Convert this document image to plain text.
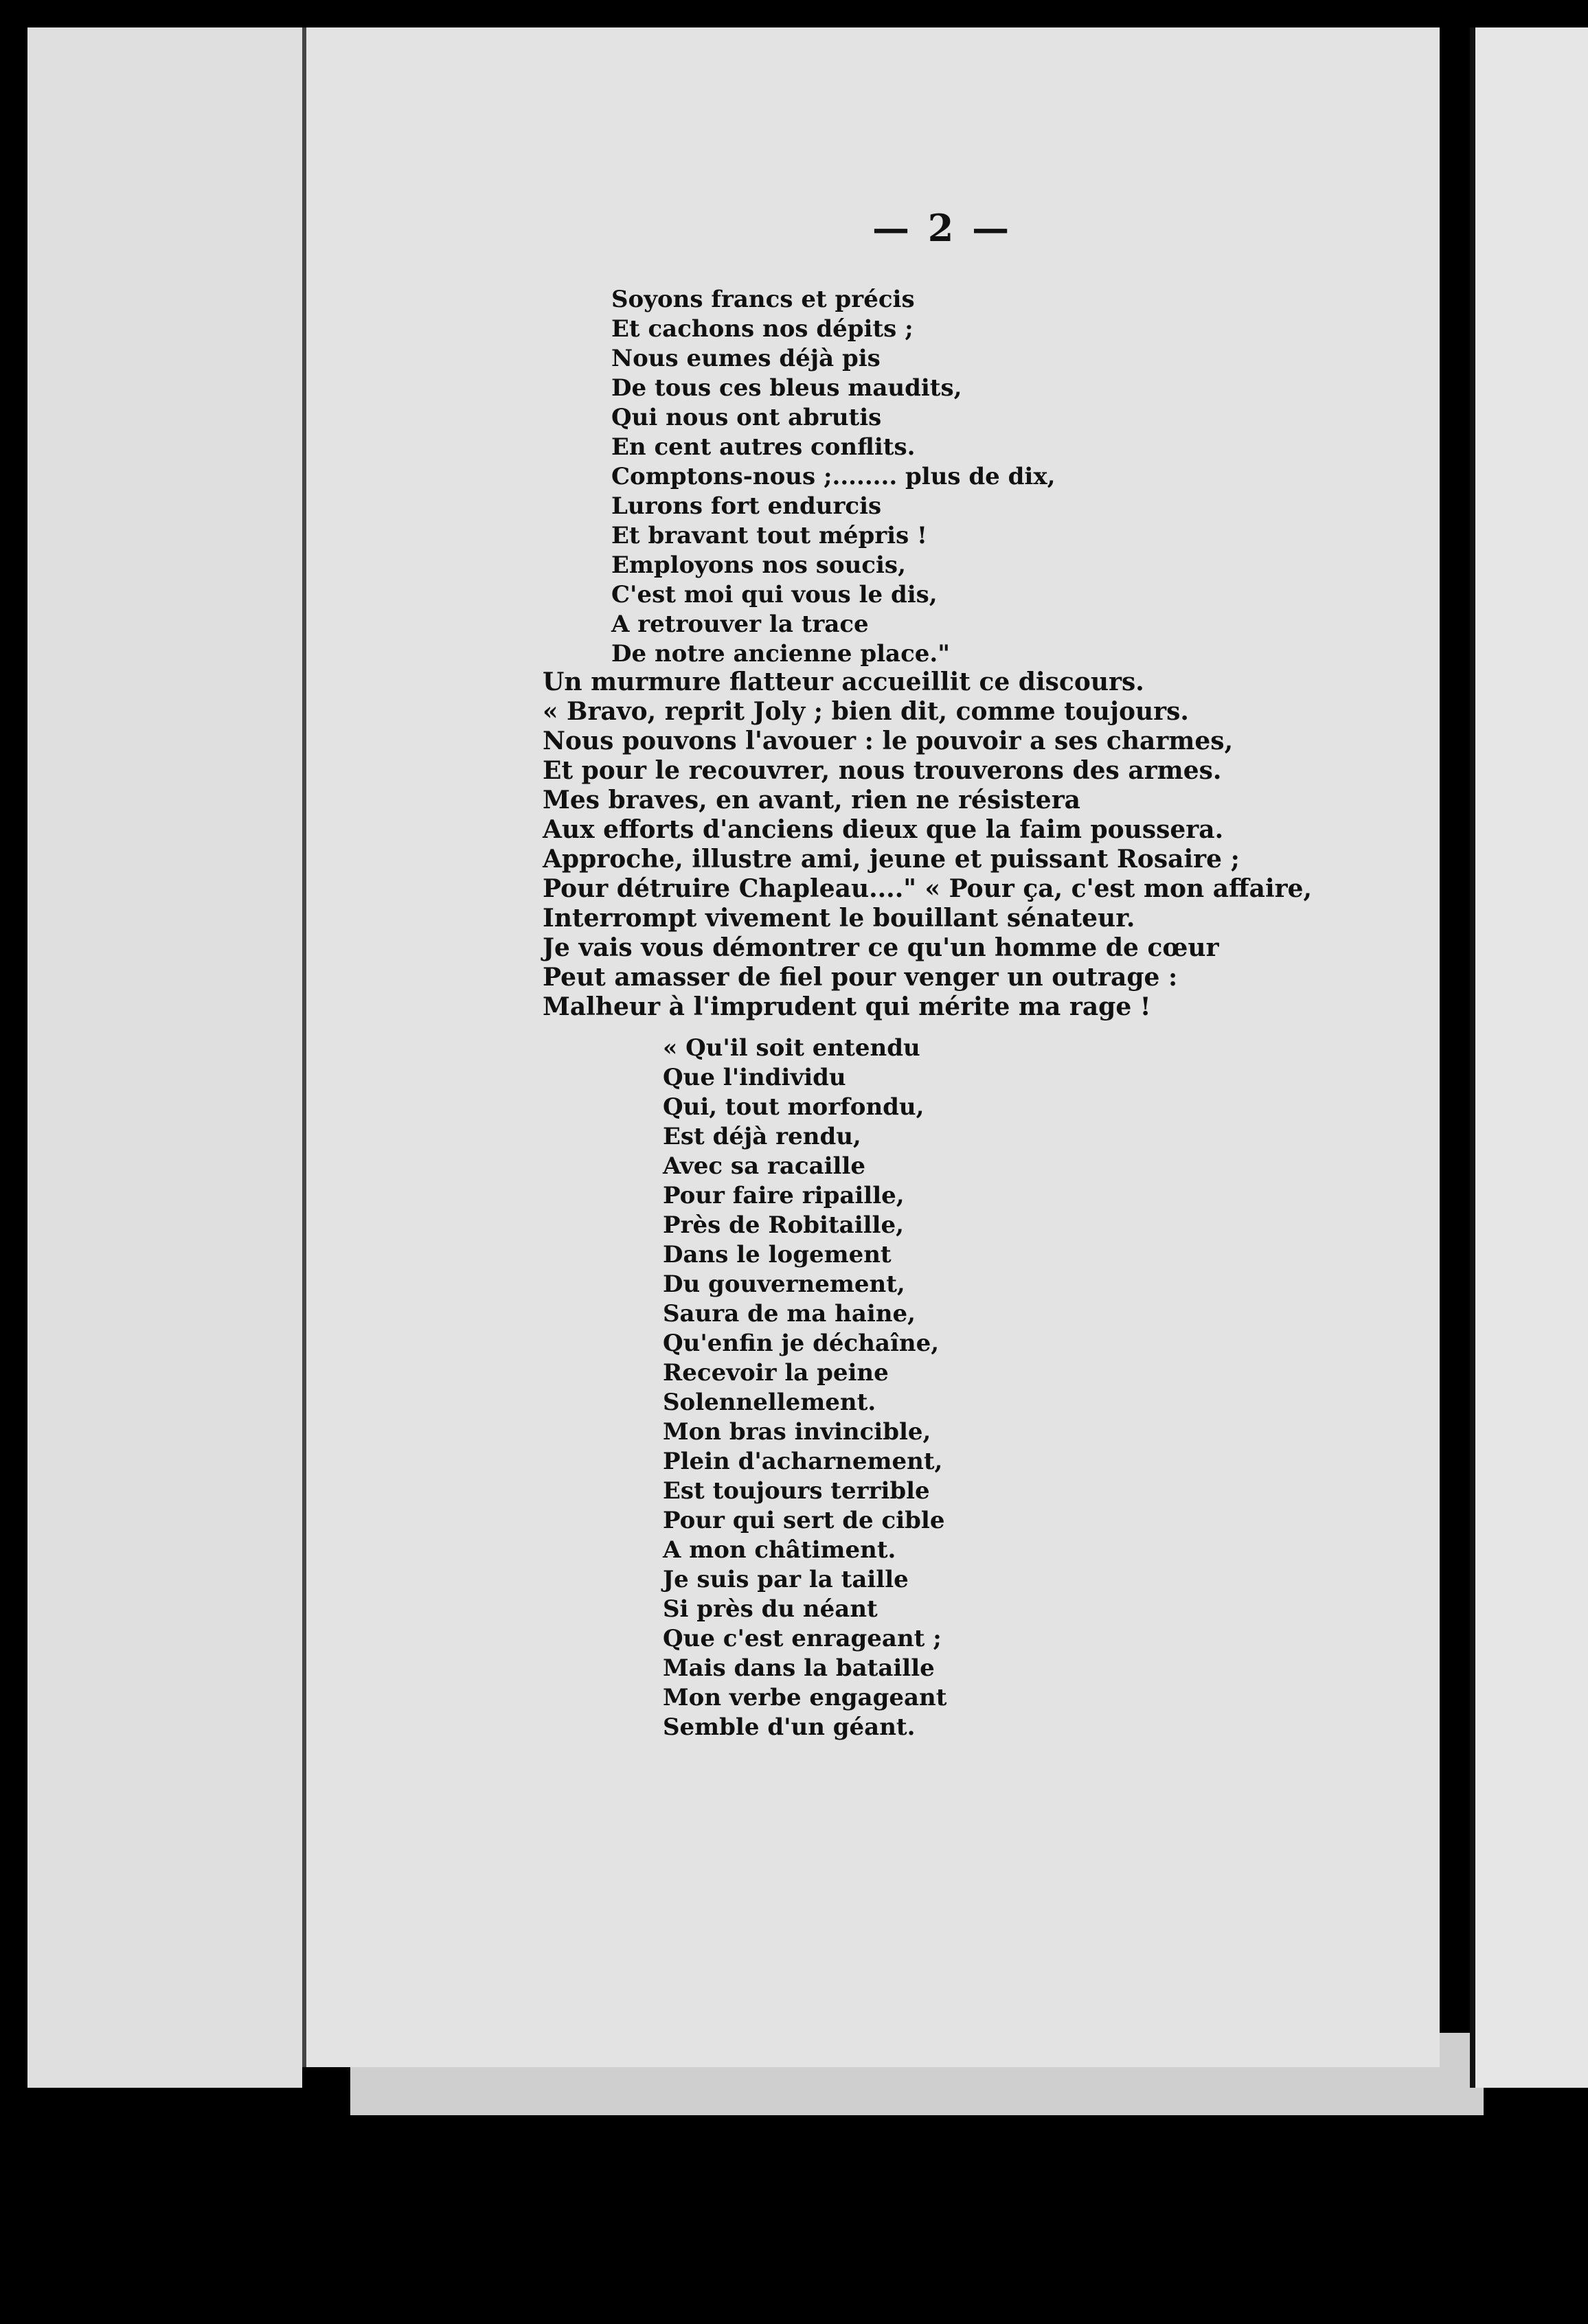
— 2 —
Soyons francs et précis
Et cachons nos dépits ;
Nous eumes déjà pis
De tous ces bleus maudits,
Qui nous ont abrutis
En cent autres conflits.
Comptons-nous ;........ plus de dix,
Lurons fort endurcis
Et bravant tout mépris !
Employons nos soucis,
C'est moi qui vous le dis,
A retrouver la trace
De notre ancienne place."
Un murmure flatteur accueillit ce discours.
« Bravo, reprit Joly ; bien dit, comme toujours.
Nous pouvons l'avouer : le pouvoir a ses charmes,
Et pour le recouvrer, nous trouverons des armes.
Mes braves, en avant, rien ne résistera
Aux efforts d'anciens dieux que la faim poussera.
Approche, illustre ami, jeune et puissant Rosaire ;
Pour détruire Chapleau...." « Pour ça, c'est mon affaire,
Interrompt vivement le bouillant sénateur.
Je vais vous démontrer ce qu'un homme de cœur
Peut amasser de fiel pour venger un outrage :
Malheur à l'imprudent qui mérite ma rage !
« Qu'il soit entendu
Que l'individu
Qui, tout morfondu,
Est déjà rendu,
Avec sa racaille
Pour faire ripaille,
Près de Robitaille,
Dans le logement
Du gouvernement,
Saura de ma haine,
Qu'enfin je déchaîne,
Recevoir la peine
Solennellement.
Mon bras invincible,
Plein d'acharnement,
Est toujours terrible
Pour qui sert de cible
A mon châtiment.
Je suis par la taille
Si près du néant
Que c'est enrageant ;
Mais dans la bataille
Mon verbe engageant
Semble d'un géant.
